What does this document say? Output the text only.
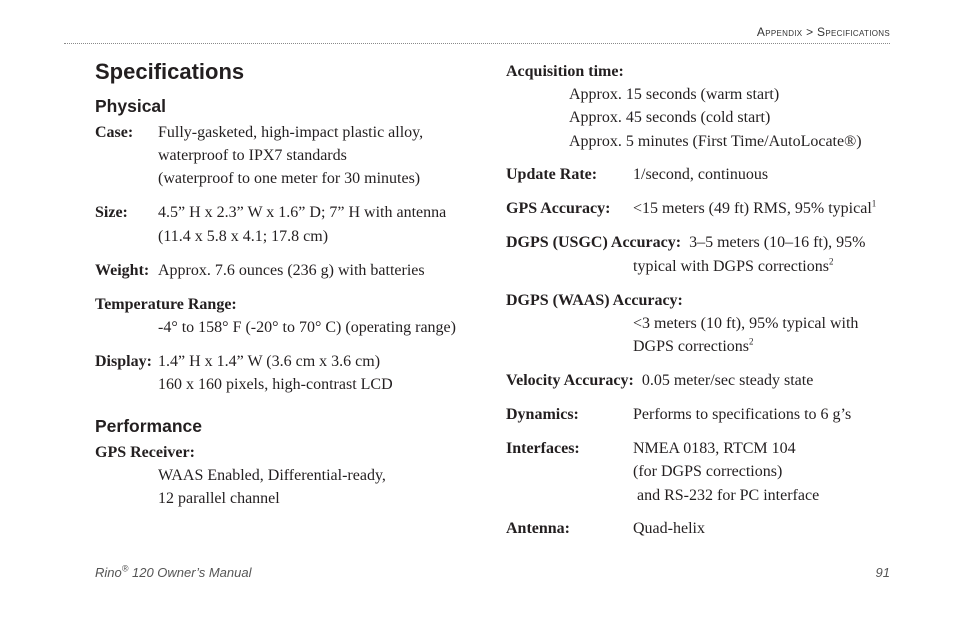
Appendix > Specifications
Specifications
Physical
Case: Fully-gasketed, high-impact plastic alloy,
waterproof to IPX7 standards
(waterproof to one meter for 30 minutes)
Size: 4.5” H x 2.3” W x 1.6” D; 7” H with antenna
(11.4 x 5.8 x 4.1; 17.8 cm)
Weight: Approx. 7.6 ounces (236 g) with batteries
Temperature Range:
-4° to 158° F (-20° to 70° C) (operating range)
Display: 1.4” H x 1.4” W (3.6 cm x 3.6 cm)
160 x 160 pixels, high-contrast LCD
Performance
GPS Receiver:
WAAS Enabled, Differential-ready,
12 parallel channel
Acquisition time:
Approx. 15 seconds (warm start)
Approx. 45 seconds (cold start)
Approx. 5 minutes (First Time/AutoLocate®)
Update Rate: 1/second, continuous
GPS Accuracy: <15 meters (49 ft) RMS, 95% typical$^1$
DGPS (USGC) Accuracy: 3–5 meters (10–16 ft), 95%
typical with DGPS corrections$^2$
DGPS (WAAS) Accuracy:
<3 meters (10 ft), 95% typical with
DGPS corrections$^2$
Velocity Accuracy: 0.05 meter/sec steady state
Dynamics:	Performs to specifications to 6 g’s
Interfaces:	NMEA 0183, RTCM 104
(for DGPS corrections)
and RS-232 for PC interface
Antenna:	Quad-helix
Rino® 120 Owner’s Manual	91
